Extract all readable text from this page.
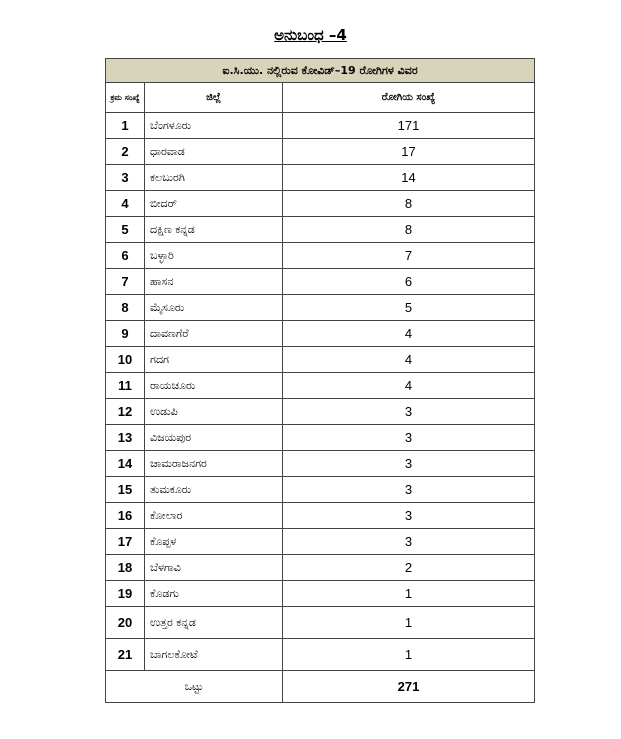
ಅನುಬಂಧ –4
ಐ.ಸಿ.ಯು. ನಲ್ಲಿರುವ ಕೋವಿಡ್–19 ರೋಗಿಗಳ ವಿವರ		
ಕ್ರಮ ಸಂಖ್ಯೆ	ಜಿಲ್ಲೆ	ರೋಗಿಯ ಸಂಖ್ಯೆ
1	ಬೆಂಗಳೂರು	171
2	ಧಾರವಾಡ	17
3	ಕಲಬುರಗಿ	14
4	ಬೀದರ್	8
5	ದಕ್ಷಿಣ ಕನ್ನಡ	8
6	ಬಳ್ಳಾರಿ	7
7	ಹಾಸನ	6
8	ಮೈಸೂರು	5
9	ದಾವಣಗೆರೆ	4
10	ಗದಗ	4
11	ರಾಯಚೂರು	4
12	ಉಡುಪಿ	3
13	ವಿಜಯಪುರ	3
14	ಚಾಮರಾಜನಗರ	3
15	ತುಮಕೂರು	3
16	ಕೋಲಾರ	3
17	ಕೊಪ್ಪಳ	3
18	ಬೆಳಗಾವಿ	2
19	ಕೊಡಗು	1
20	ಉತ್ತರ ಕನ್ನಡ	1
21	ಬಾಗಲಕೋಟೆ	1
ಒಟ್ಟು		271
